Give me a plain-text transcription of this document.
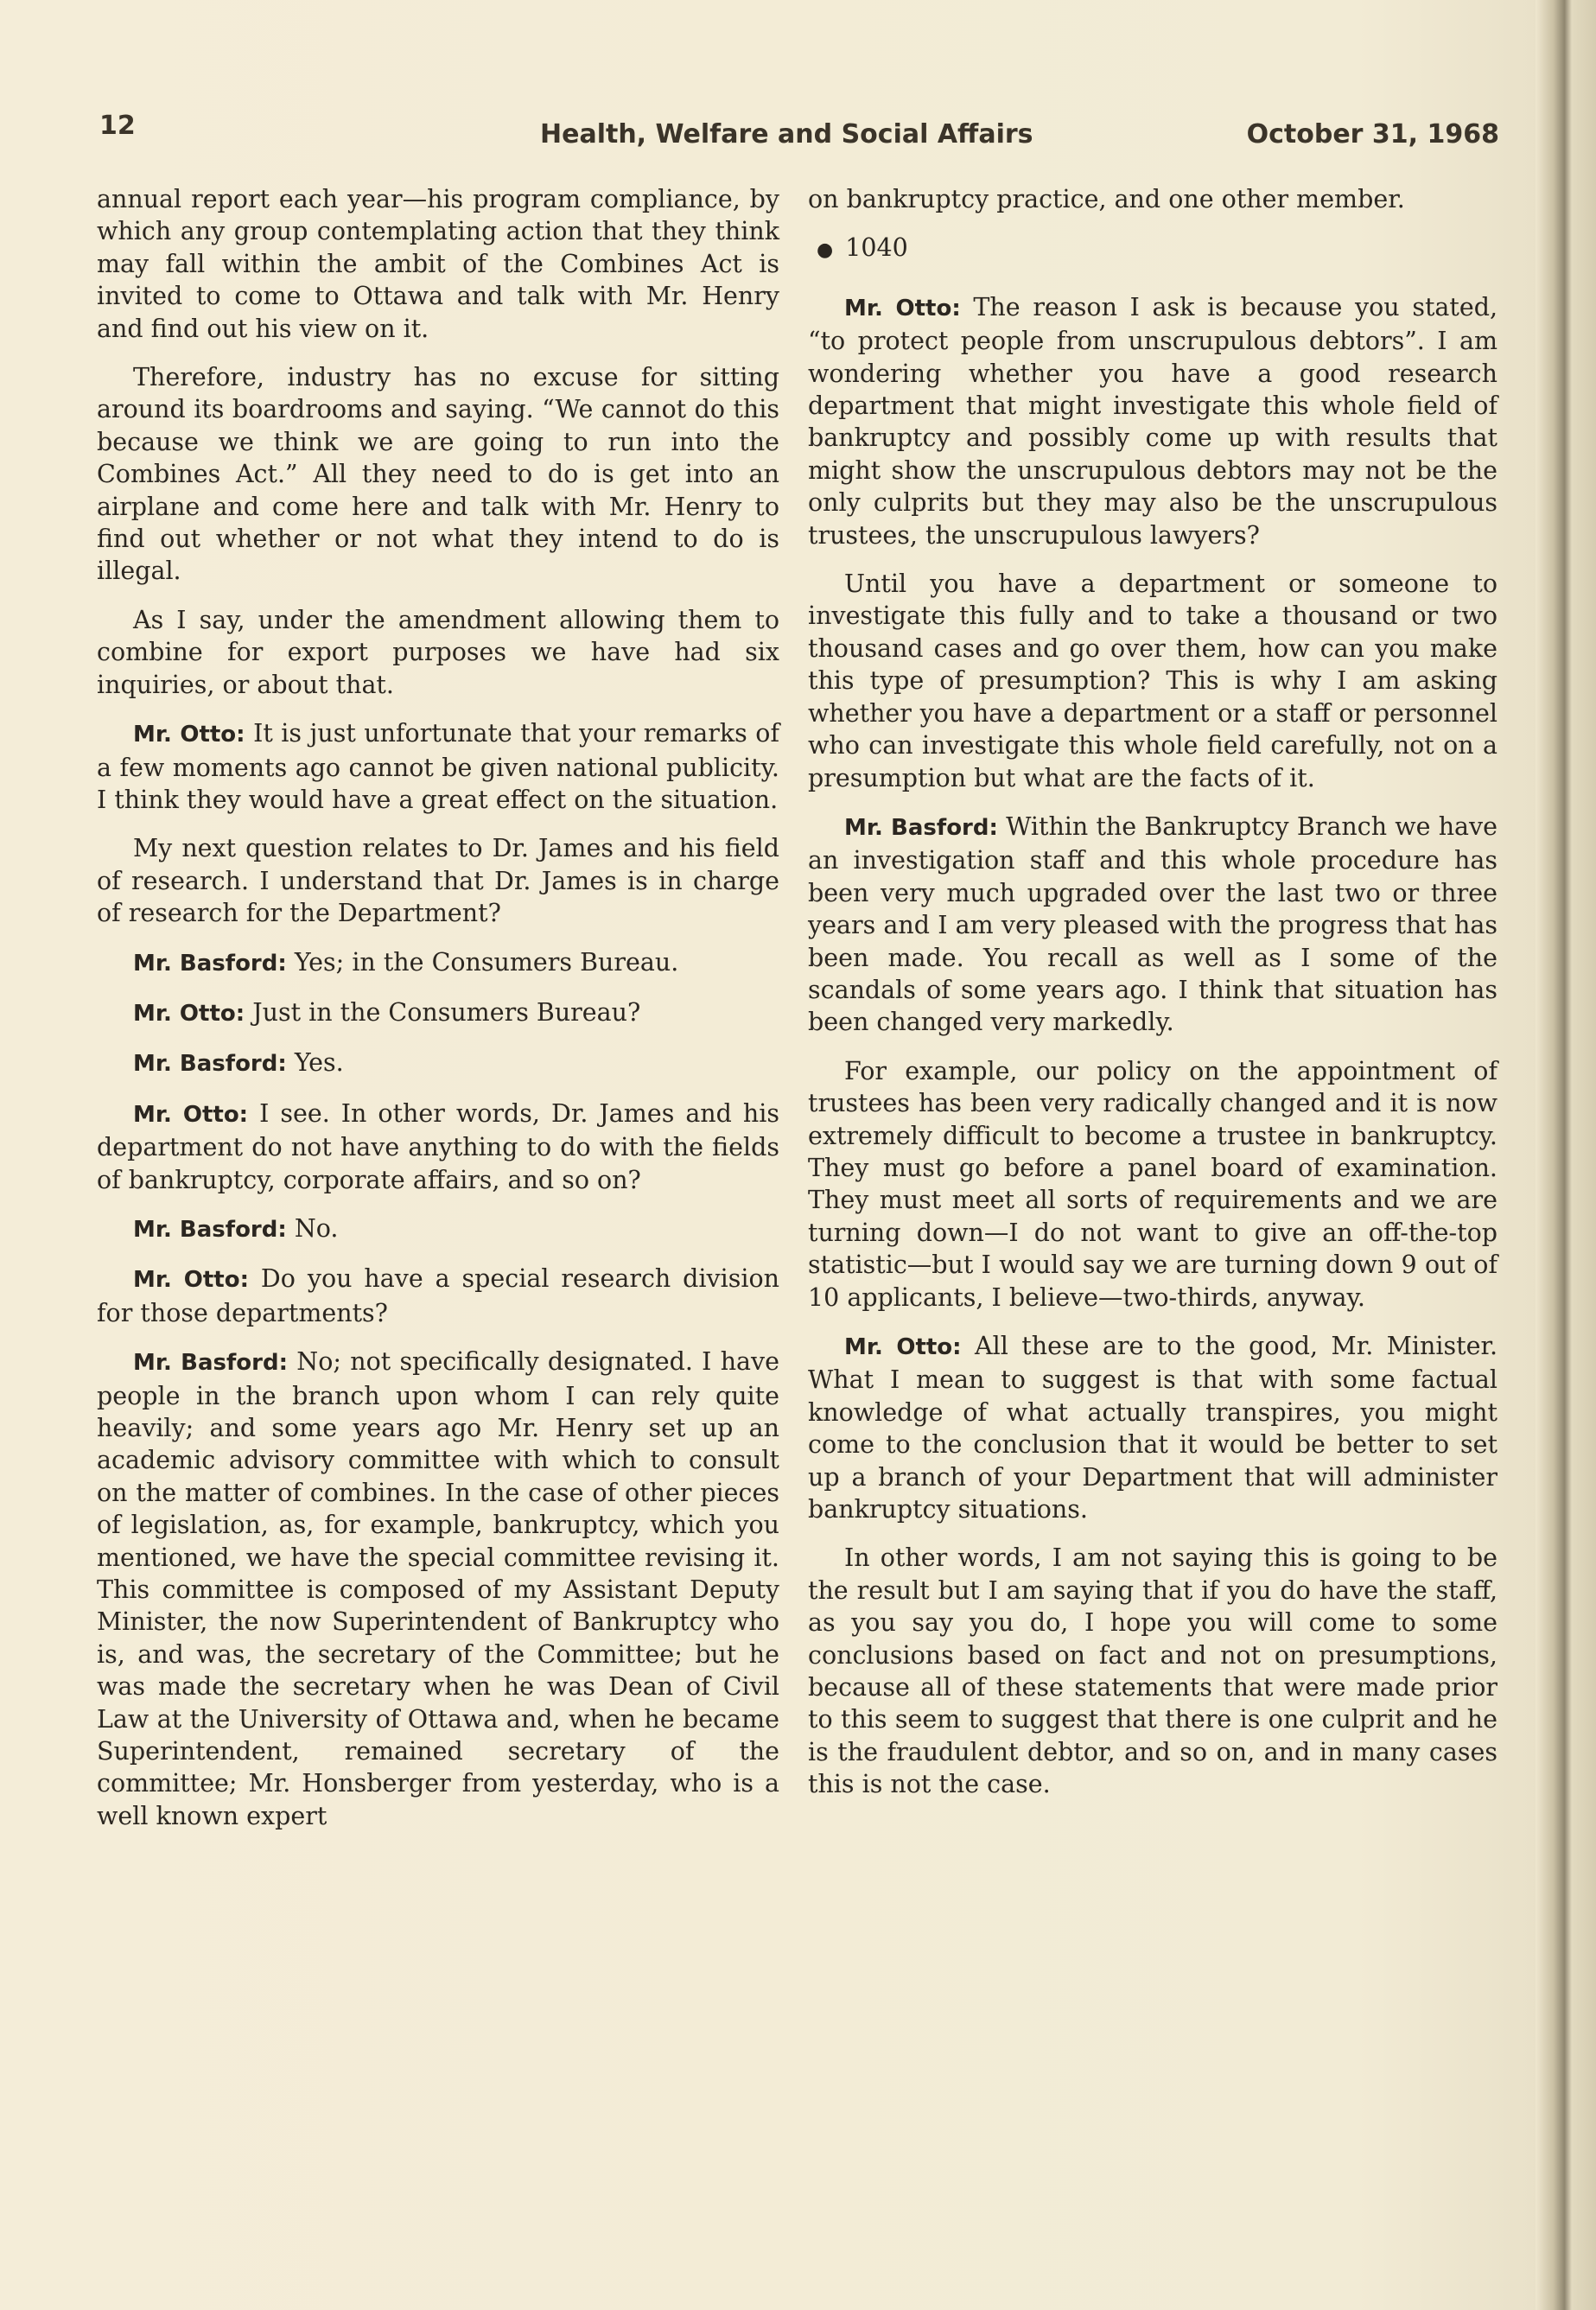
12	Health, Welfare and Social Affairs	October 31, 1968

annual report each year—his program compliance, by which any group contemplating action that they think may fall within the ambit of the Combines Act is invited to come to Ottawa and talk with Mr. Henry and find out his view on it.

Therefore, industry has no excuse for sitting around its boardrooms and saying. “We cannot do this because we think we are going to run into the Combines Act.” All they need to do is get into an airplane and come here and talk with Mr. Henry to find out whether or not what they intend to do is illegal.

As I say, under the amendment allowing them to combine for export purposes we have had six inquiries, or about that.

Mr. Otto: It is just unfortunate that your remarks of a few moments ago cannot be given national publicity. I think they would have a great effect on the situation.

My next question relates to Dr. James and his field of research. I understand that Dr. James is in charge of research for the Department?

Mr. Basford: Yes; in the Consumers Bureau.

Mr. Otto: Just in the Consumers Bureau?

Mr. Basford: Yes.

Mr. Otto: I see. In other words, Dr. James and his department do not have anything to do with the fields of bankruptcy, corporate affairs, and so on?

Mr. Basford: No.

Mr. Otto: Do you have a special research division for those departments?

Mr. Basford: No; not specifically designated. I have people in the branch upon whom I can rely quite heavily; and some years ago Mr. Henry set up an academic advisory committee with which to consult on the matter of combines. In the case of other pieces of legislation, as, for example, bankruptcy, which you mentioned, we have the special committee revising it. This committee is composed of my Assistant Deputy Minister, the now Superintendent of Bankruptcy who is, and was, the secretary of the Committee; but he was made the secretary when he was Dean of Civil Law at the University of Ottawa and, when he became Superintendent, remained secretary of the committee; Mr. Honsberger from yesterday, who is a well known expert

on bankruptcy practice, and one other member.

● 1040

Mr. Otto: The reason I ask is because you stated, “to protect people from unscrupulous debtors”. I am wondering whether you have a good research department that might investigate this whole field of bankruptcy and possibly come up with results that might show the unscrupulous debtors may not be the only culprits but they may also be the unscrupulous trustees, the unscrupulous lawyers?

Until you have a department or someone to investigate this fully and to take a thousand or two thousand cases and go over them, how can you make this type of presumption? This is why I am asking whether you have a department or a staff or personnel who can investigate this whole field carefully, not on a presumption but what are the facts of it.

Mr. Basford: Within the Bankruptcy Branch we have an investigation staff and this whole procedure has been very much upgraded over the last two or three years and I am very pleased with the progress that has been made. You recall as well as I some of the scandals of some years ago. I think that situation has been changed very markedly.

For example, our policy on the appointment of trustees has been very radically changed and it is now extremely difficult to become a trustee in bankruptcy. They must go before a panel board of examination. They must meet all sorts of requirements and we are turning down—I do not want to give an off-the-top statistic—but I would say we are turning down 9 out of 10 applicants, I believe—two-thirds, anyway.

Mr. Otto: All these are to the good, Mr. Minister. What I mean to suggest is that with some factual knowledge of what actually transpires, you might come to the conclusion that it would be better to set up a branch of your Department that will administer bankruptcy situations.

In other words, I am not saying this is going to be the result but I am saying that if you do have the staff, as you say you do, I hope you will come to some conclusions based on fact and not on presumptions, because all of these statements that were made prior to this seem to suggest that there is one culprit and he is the fraudulent debtor, and so on, and in many cases this is not the case.
